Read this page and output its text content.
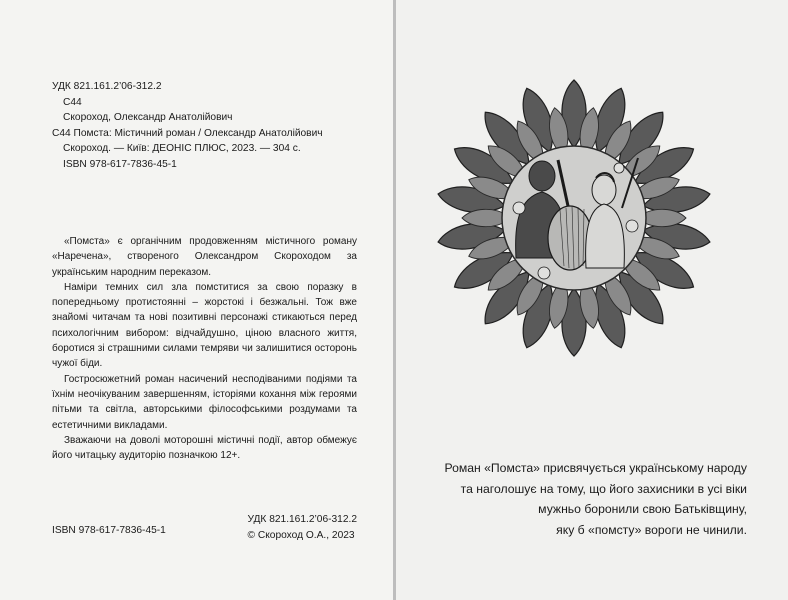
УДК 821.161.2’06-312.2
С44
Скороход, Олександр Анатолійович
С44 Помста: Містичний роман / Олександр Анатолійович
Скороход. — Київ: ДЕОНІС ПЛЮС, 2023. — 304 с.
ISBN 978-617-7836-45-1

«Помста» є органічним продовженням містичного роману «Наречена», створеного Олександром Скороходом за українським народним переказом.

Наміри темних сил зла помститися за свою поразку в попередньому протистоянні – жорстокі і безжальні. Тож вже знайомі читачам та нові позитивні персонажі стикаються перед психологічним вибором: відчайдушно, ціною власного життя, боротися зі страшними силами темряви чи залишитися осторонь чужої біди.

Гостросюжетний роман насичений несподіваними подіями та їхнім неочікуваним завершенням, історіями кохання між героями пітьми та світла, авторськими філософськими роздумами та естетичними викладами.

Зважаючи на доволі моторошні містичні події, автор обмежує його читацьку аудиторію позначкою 12+.

ISBN 978-617-7836-45-1
УДК 821.161.2’06-312.2
© Скороход О.А., 2023
Роман «Помста» присвячується українському народу
та наголошує на тому, що його захисники в усі віки
мужньо боронили свою Батьківщину,
яку б «помсту» вороги не чинили.
